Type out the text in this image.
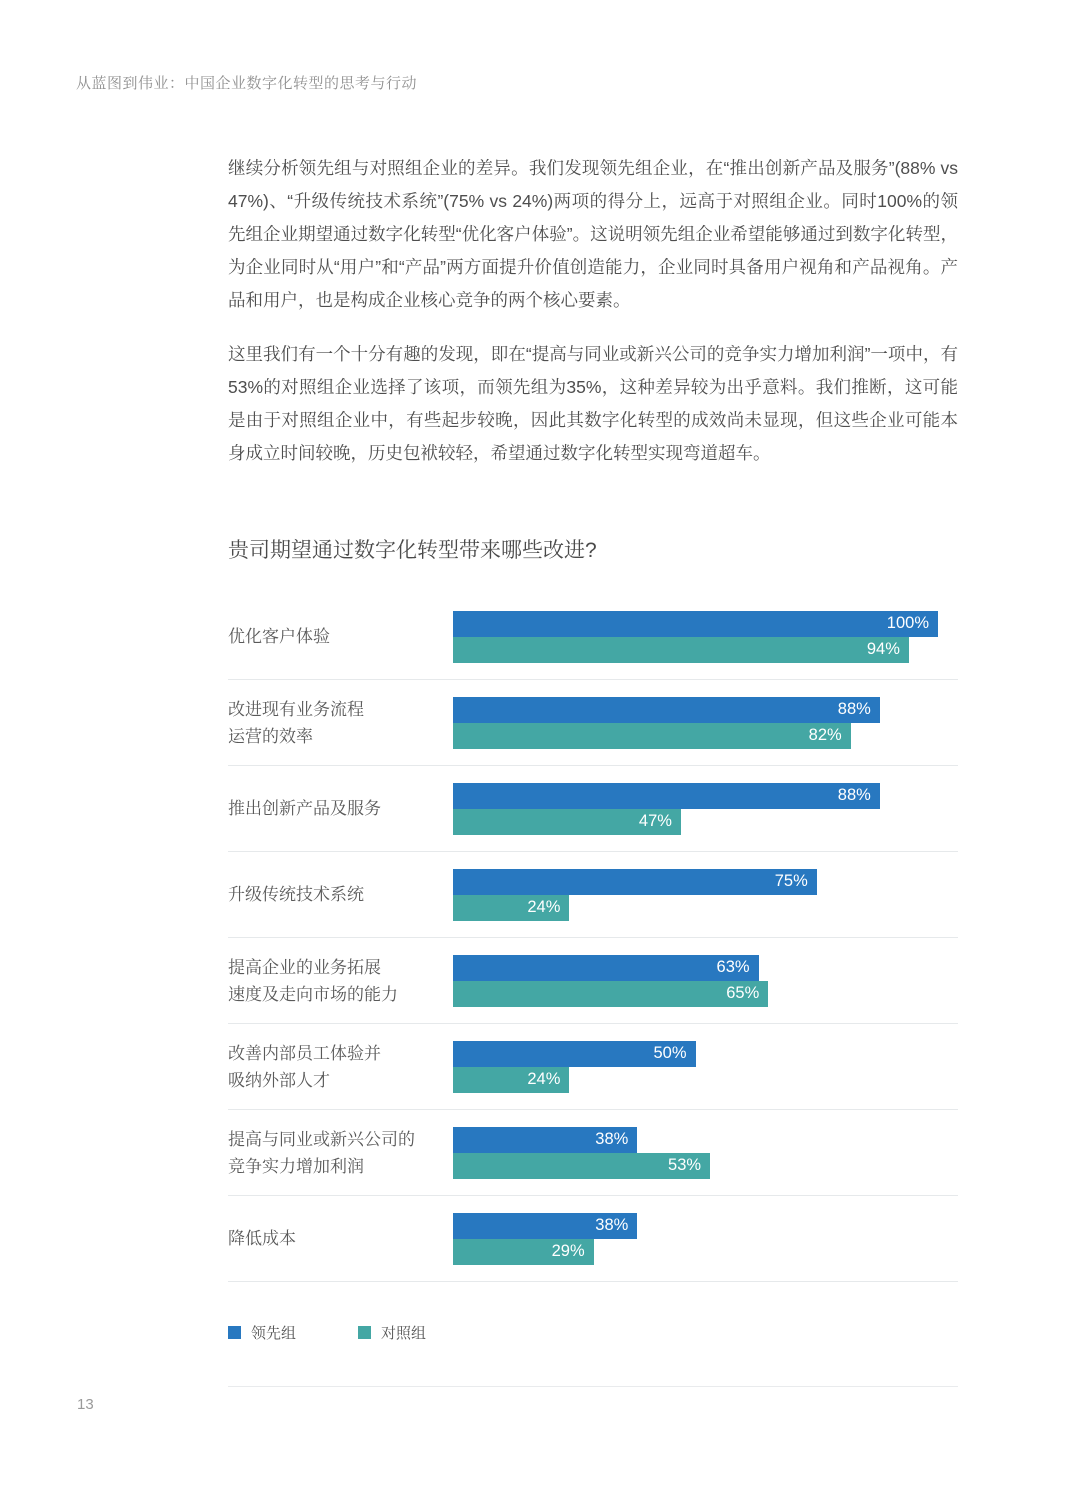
从蓝图到伟业：中国企业数字化转型的思考与行动

继续分析领先组与对照组企业的差异。我们发现领先组企业，在“推出创新产品及服务”(88% vs 47%)、“升级传统技术系统”(75% vs 24%)两项的得分上，远高于对照组企业。同时100%的领先组企业期望通过数字化转型“优化客户体验”。这说明领先组企业希望能够通过到数字化转型，为企业同时从“用户”和“产品”两方面提升价值创造能力，企业同时具备用户视角和产品视角。产品和用户，也是构成企业核心竞争的两个核心要素。

这里我们有一个十分有趣的发现，即在“提高与同业或新兴公司的竞争实力增加利润”一项中，有53%的对照组企业选择了该项，而领先组为35%，这种差异较为出乎意料。我们推断，这可能是由于对照组企业中，有些起步较晚，因此其数字化转型的成效尚未显现，但这些企业可能本身成立时间较晚，历史包袱较轻，希望通过数字化转型实现弯道超车。

贵司期望通过数字化转型带来哪些改进?
优化客户体验
100%
94%
改进现有业务流程
运营的效率
88%
82%
推出创新产品及服务
88%
47%
升级传统技术系统
75%
24%
提高企业的业务拓展
速度及走向市场的能力
63%
65%
改善内部员工体验并
吸纳外部人才
50%
24%
提高与同业或新兴公司的
竞争实力增加利润
38%
53%
降低成本
38%
29%
领先组	对照组
13
